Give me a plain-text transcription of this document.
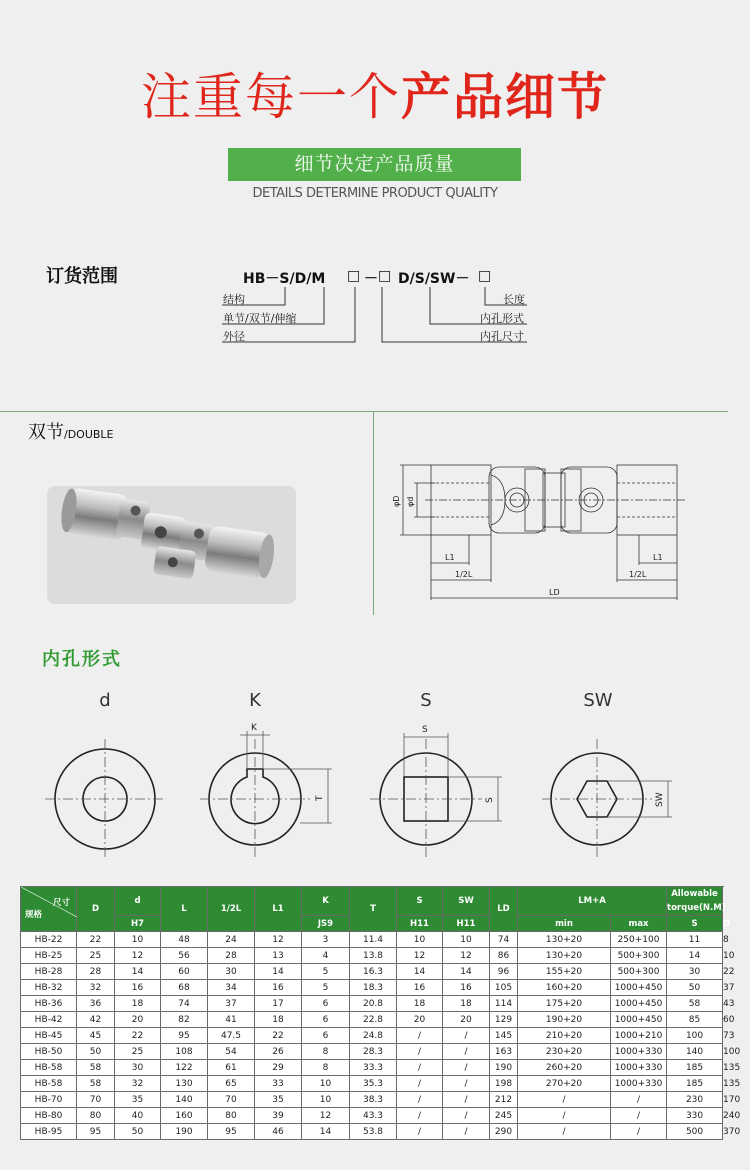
注重每一个产品细节
细节决定产品质量
DETAILS DETERMINE PRODUCT QUALITY
订货范围	HB－S/D/M □ － □ D/S/SW－ □
结构
单节/双节/伸缩
外径
长度
内孔形式
内孔尺寸
双节/DOUBLE
φD φd
L1	L1
1/2L	1/2L
LD
内孔形式
d	K	S	SW
K
T
S
S	SW
尺寸
规格	D	d	L	1/2L	L1	K	T	S	SW	LD	LM+A		Allowable torque(N.M)	
		H7				JS9		H11	H11		min	max	S	D
HB-22	22	10	48	24	12	3	11.4	10	10	74	130+20	250+100	11	8
HB-25	25	12	56	28	13	4	13.8	12	12	86	130+20	500+300	14	10
HB-28	28	14	60	30	14	5	16.3	14	14	96	155+20	500+300	30	22
HB-32	32	16	68	34	16	5	18.3	16	16	105	160+20	1000+450	50	37
HB-36	36	18	74	37	17	6	20.8	18	18	114	175+20	1000+450	58	43
HB-42	42	20	82	41	18	6	22.8	20	20	129	190+20	1000+450	85	60
HB-45	45	22	95	47.5	22	6	24.8	/	/	145	210+20	1000+210	100	73
HB-50	50	25	108	54	26	8	28.3	/	/	163	230+20	1000+330	140	100
HB-58	58	30	122	61	29	8	33.3	/	/	190	260+20	1000+330	185	135
HB-58	58	32	130	65	33	10	35.3	/	/	198	270+20	1000+330	185	135
HB-70	70	35	140	70	35	10	38.3	/	/	212	/	/	230	170
HB-80	80	40	160	80	39	12	43.3	/	/	245	/	/	330	240
HB-95	95	50	190	95	46	14	53.8	/	/	290	/	/	500	370
